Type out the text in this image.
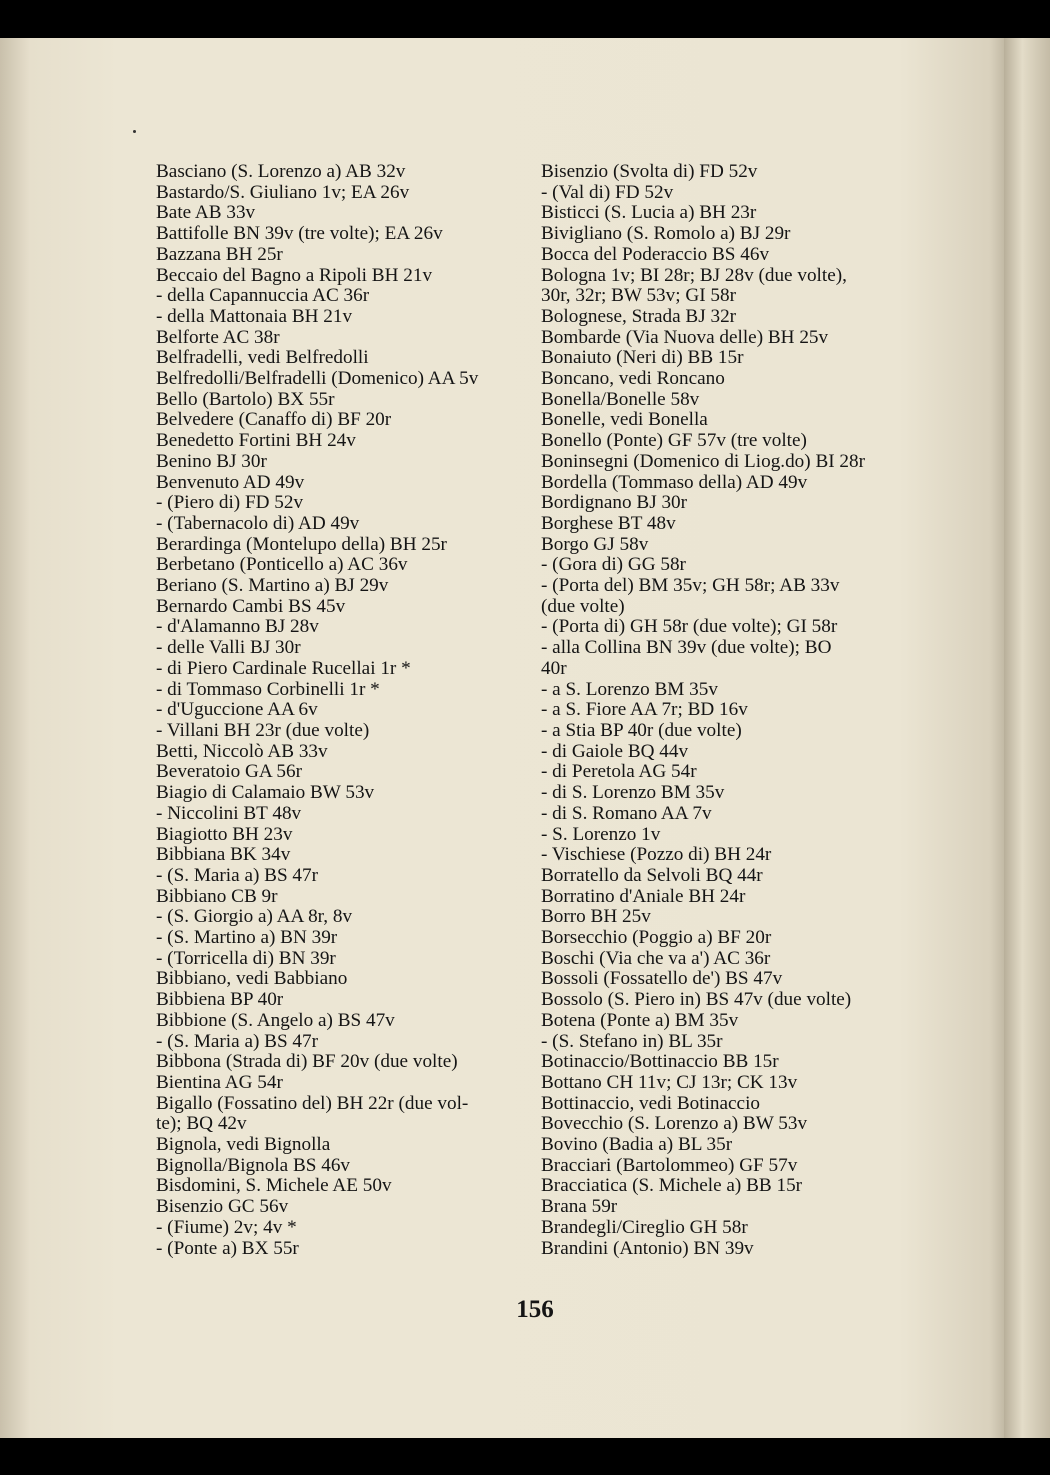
Basciano (S. Lorenzo a) AB 32v
Bastardo/S. Giuliano 1v; EA 26v
Bate AB 33v
Battifolle BN 39v (tre volte); EA 26v
Bazzana BH 25r
Beccaio del Bagno a Ripoli BH 21v
- della Capannuccia AC 36r
- della Mattonaia BH 21v
Belforte AC 38r
Belfradelli, vedi Belfredolli
Belfredolli/Belfradelli (Domenico) AA 5v
Bello (Bartolo) BX 55r
Belvedere (Canaffo di) BF 20r
Benedetto Fortini BH 24v
Benino BJ 30r
Benvenuto AD 49v
- (Piero di) FD 52v
- (Tabernacolo di) AD 49v
Berardinga (Montelupo della) BH 25r
Berbetano (Ponticello a) AC 36v
Beriano (S. Martino a) BJ 29v
Bernardo Cambi BS 45v
- d'Alamanno BJ 28v
- delle Valli BJ 30r
- di Piero Cardinale Rucellai 1r *
- di Tommaso Corbinelli 1r *
- d'Uguccione AA 6v
- Villani BH 23r (due volte)
Betti, Niccolò AB 33v
Beveratoio GA 56r
Biagio di Calamaio BW 53v
- Niccolini BT 48v
Biagiotto BH 23v
Bibbiana BK 34v
- (S. Maria a) BS 47r
Bibbiano CB 9r
- (S. Giorgio a) AA 8r, 8v
- (S. Martino a) BN 39r
- (Torricella di) BN 39r
Bibbiano, vedi Babbiano
Bibbiena BP 40r
Bibbione (S. Angelo a) BS 47v
- (S. Maria a) BS 47r
Bibbona (Strada di) BF 20v (due volte)
Bientina AG 54r
Bigallo (Fossatino del) BH 22r (due vol-
te); BQ 42v
Bignola, vedi Bignolla
Bignolla/Bignola BS 46v
Bisdomini, S. Michele AE 50v
Bisenzio GC 56v
- (Fiume) 2v; 4v *
- (Ponte a) BX 55r
Bisenzio (Svolta di) FD 52v
- (Val di) FD 52v
Bisticci (S. Lucia a) BH 23r
Bivigliano (S. Romolo a) BJ 29r
Bocca del Poderaccio BS 46v
Bologna 1v; BI 28r; BJ 28v (due volte),
30r, 32r; BW 53v; GI 58r
Bolognese, Strada BJ 32r
Bombarde (Via Nuova delle) BH 25v
Bonaiuto (Neri di) BB 15r
Boncano, vedi Roncano
Bonella/Bonelle 58v
Bonelle, vedi Bonella
Bonello (Ponte) GF 57v (tre volte)
Boninsegni (Domenico di Liog.do) BI 28r
Bordella (Tommaso della) AD 49v
Bordignano BJ 30r
Borghese BT 48v
Borgo GJ 58v
- (Gora di) GG 58r
- (Porta del) BM 35v; GH 58r; AB 33v
(due volte)
- (Porta di) GH 58r (due volte); GI 58r
- alla Collina BN 39v (due volte); BO
40r
- a S. Lorenzo BM 35v
- a S. Fiore AA 7r; BD 16v
- a Stia BP 40r (due volte)
- di Gaiole BQ 44v
- di Peretola AG 54r
- di S. Lorenzo BM 35v
- di S. Romano AA 7v
- S. Lorenzo 1v
- Vischiese (Pozzo di) BH 24r
Borratello da Selvoli BQ 44r
Borratino d'Aniale BH 24r
Borro BH 25v
Borsecchio (Poggio a) BF 20r
Boschi (Via che va a') AC 36r
Bossoli (Fossatello de') BS 47v
Bossolo (S. Piero in) BS 47v (due volte)
Botena (Ponte a) BM 35v
- (S. Stefano in) BL 35r
Botinaccio/Bottinaccio BB 15r
Bottano CH 11v; CJ 13r; CK 13v
Bottinaccio, vedi Botinaccio
Bovecchio (S. Lorenzo a) BW 53v
Bovino (Badia a) BL 35r
Bracciari (Bartolommeo) GF 57v
Bracciatica (S. Michele a) BB 15r
Brana 59r
Brandegli/Cireglio GH 58r
Brandini (Antonio) BN 39v
156
